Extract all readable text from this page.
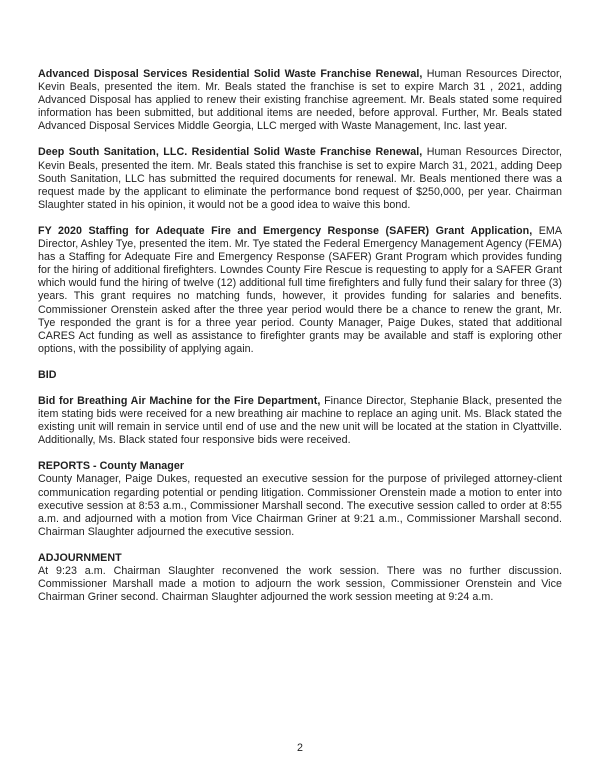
Advanced Disposal Services Residential Solid Waste Franchise Renewal, Human Resources Director, Kevin Beals, presented the item. Mr. Beals stated the franchise is set to expire March 31 , 2021, adding Advanced Disposal has applied to renew their existing franchise agreement. Mr. Beals stated some required information has been submitted, but additional items are needed, before approval. Further, Mr. Beals stated Advanced Disposal Services Middle Georgia, LLC merged with Waste Management, Inc. last year.

Deep South Sanitation, LLC. Residential Solid Waste Franchise Renewal, Human Resources Director, Kevin Beals, presented the item. Mr. Beals stated this franchise is set to expire March 31, 2021, adding Deep South Sanitation, LLC has submitted the required documents for renewal. Mr. Beals mentioned there was a request made by the applicant to eliminate the performance bond request of $250,000, per year. Chairman Slaughter stated in his opinion, it would not be a good idea to waive this bond.

FY 2020 Staffing for Adequate Fire and Emergency Response (SAFER) Grant Application, EMA Director, Ashley Tye, presented the item. Mr. Tye stated the Federal Emergency Management Agency (FEMA) has a Staffing for Adequate Fire and Emergency Response (SAFER) Grant Program which provides funding for the hiring of additional firefighters. Lowndes County Fire Rescue is requesting to apply for a SAFER Grant which would fund the hiring of twelve (12) additional full time firefighters and fully fund their salary for three (3) years. This grant requires no matching funds, however, it provides funding for salaries and benefits. Commissioner Orenstein asked after the three year period would there be a chance to renew the grant, Mr. Tye responded the grant is for a three year period. County Manager, Paige Dukes, stated that additional CARES Act funding as well as assistance to firefighter grants may be available and staff is exploring other options, with the possibility of applying again.

BID

Bid for Breathing Air Machine for the Fire Department, Finance Director, Stephanie Black, presented the item stating bids were received for a new breathing air machine to replace an aging unit. Ms. Black stated the existing unit will remain in service until end of use and the new unit will be located at the station in Clyattville. Additionally, Ms. Black stated four responsive bids were received.

REPORTS - County Manager

County Manager, Paige Dukes, requested an executive session for the purpose of privileged attorney-client communication regarding potential or pending litigation. Commissioner Orenstein made a motion to enter into executive session at 8:53 a.m., Commissioner Marshall second. The executive session called to order at 8:55 a.m. and adjourned with a motion from Vice Chairman Griner at 9:21 a.m., Commissioner Marshall second. Chairman Slaughter adjourned the executive session.

ADJOURNMENT

At 9:23 a.m. Chairman Slaughter reconvened the work session. There was no further discussion. Commissioner Marshall made a motion to adjourn the work session, Commissioner Orenstein and Vice Chairman Griner second. Chairman Slaughter adjourned the work session meeting at 9:24 a.m.

2
